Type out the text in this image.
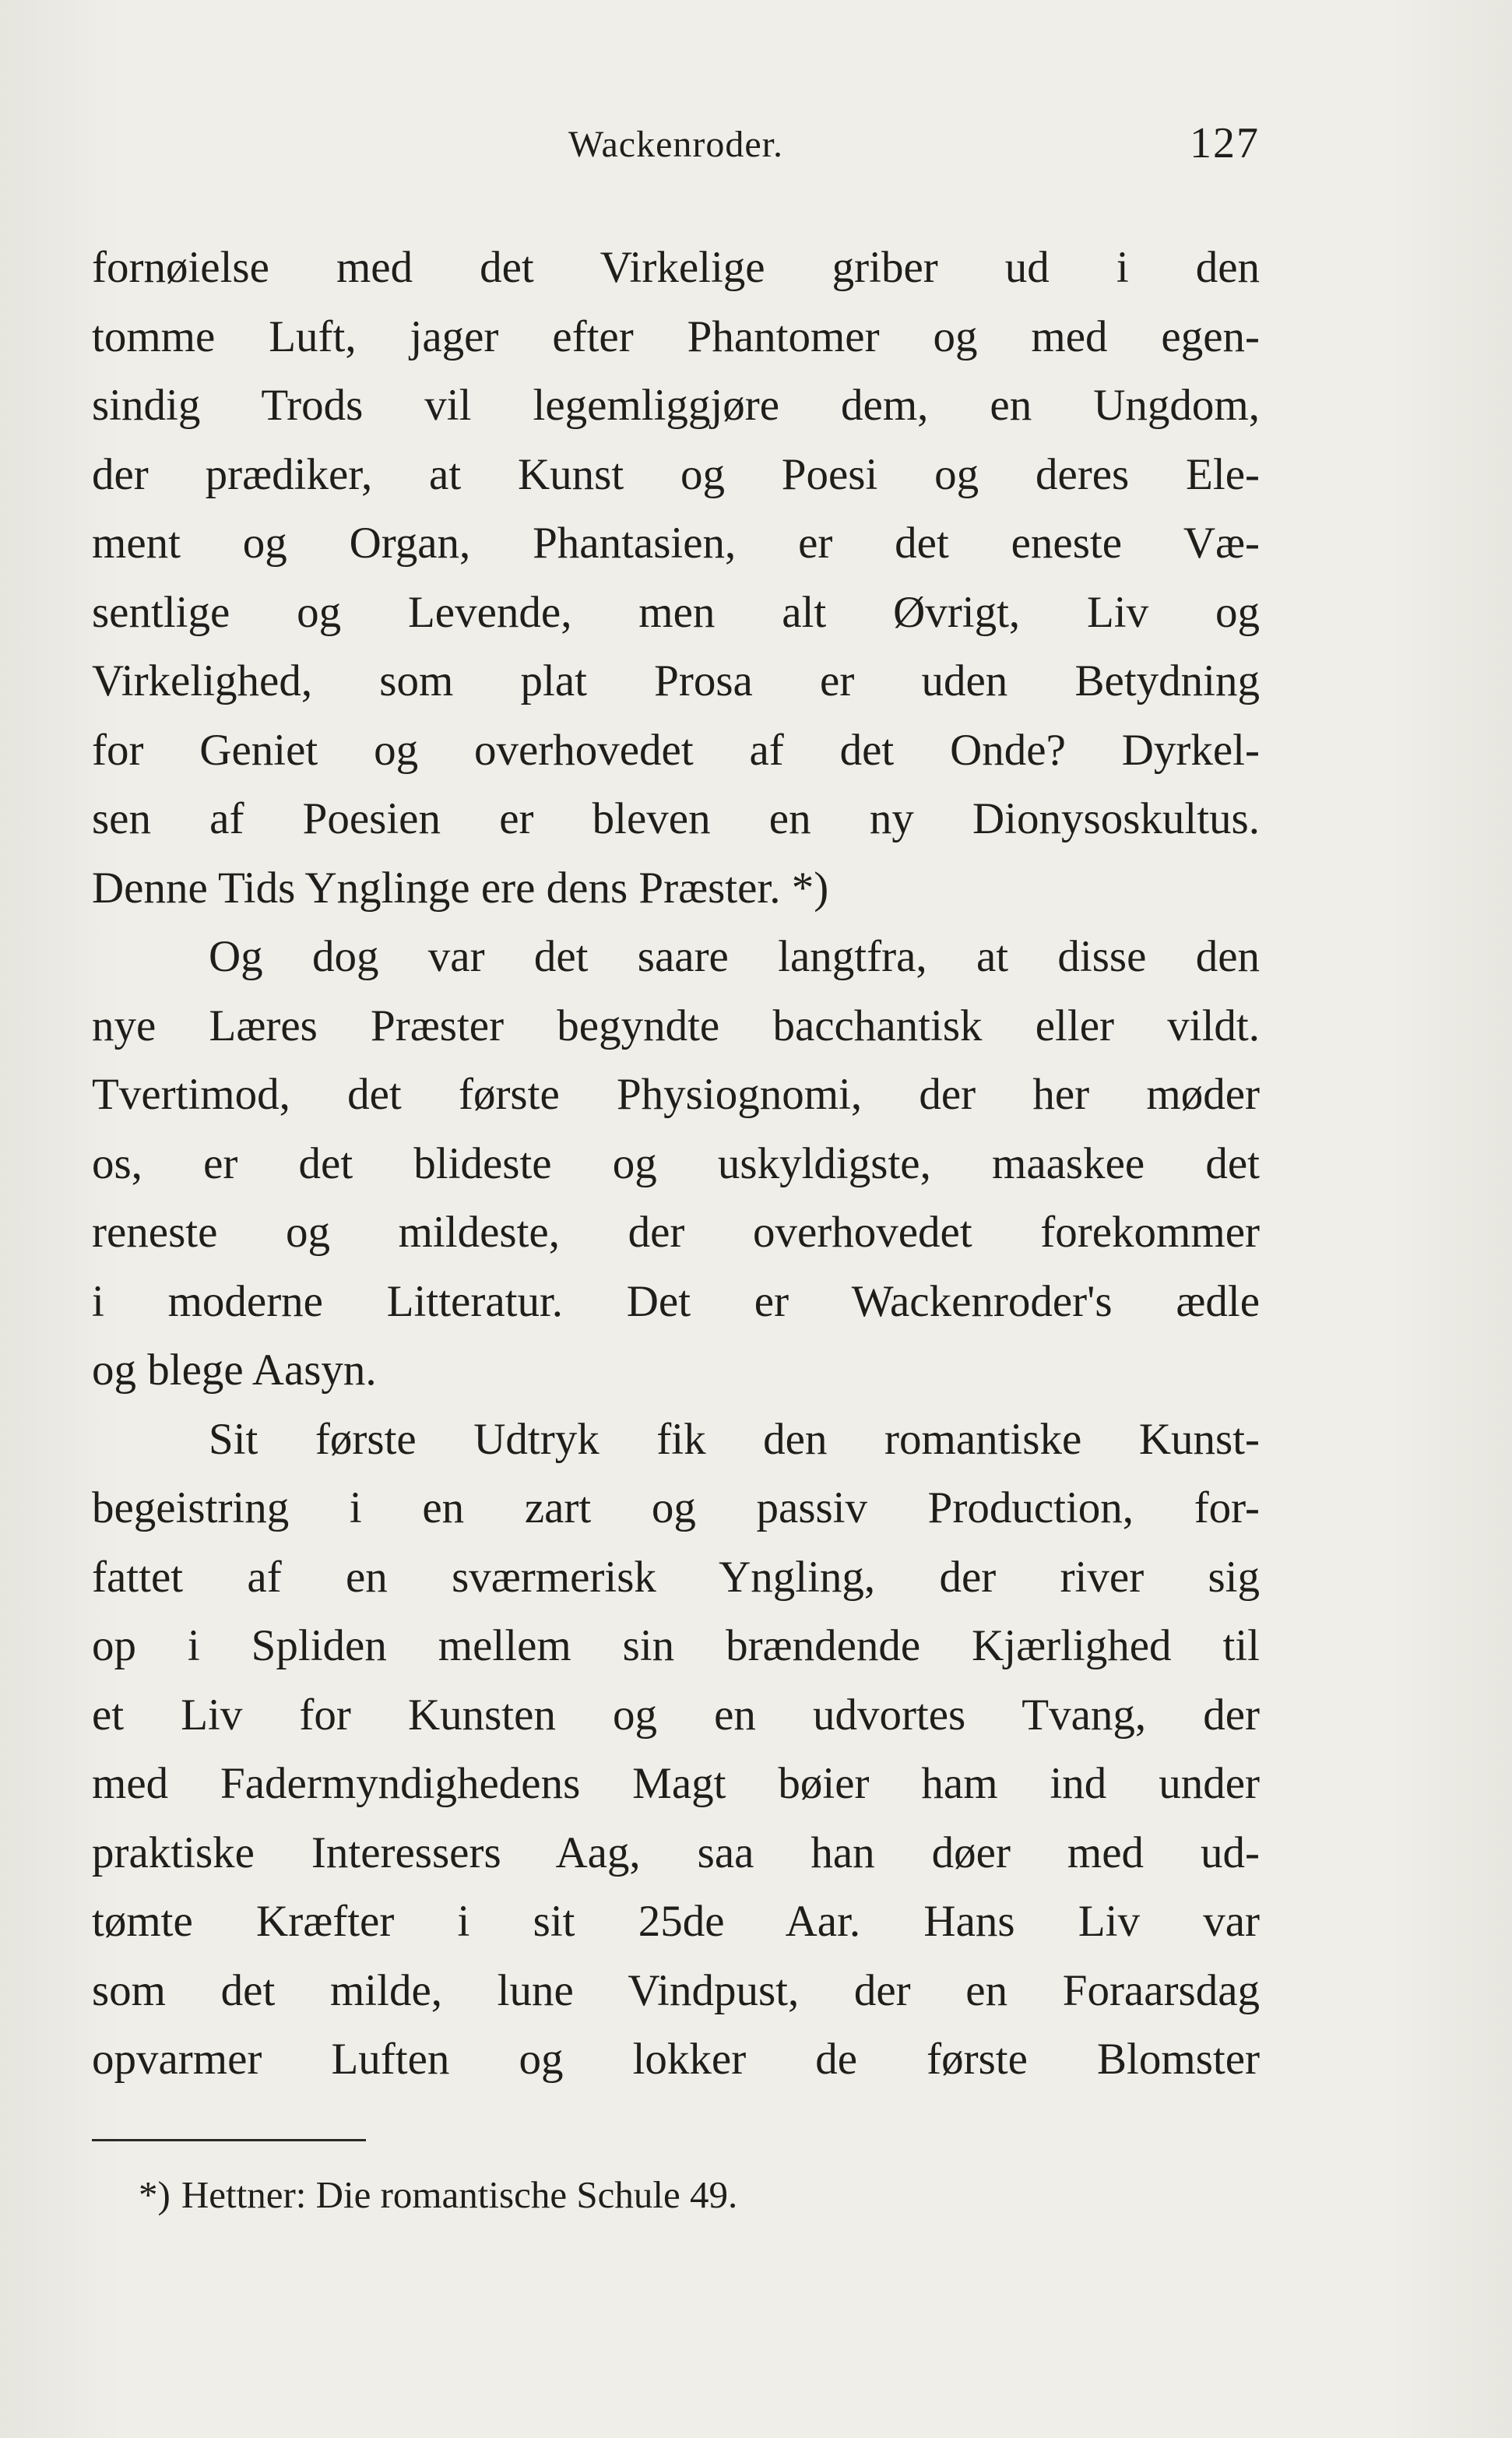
Wackenroder.	127
fornøielse med det Virkelige griber ud i den
tomme Luft, jager efter Phantomer og med egen-
sindig Trods vil legemliggjøre dem, en Ungdom,
der prædiker, at Kunst og Poesi og deres Ele-
ment og Organ, Phantasien, er det eneste Væ-
sentlige og Levende, men alt Øvrigt, Liv og
Virkelighed, som plat Prosa er uden Betydning
for Geniet og overhovedet af det Onde? Dyrkel-
sen af Poesien er bleven en ny Dionysoskultus.
Denne Tids Ynglinge ere dens Præster. *)
Og dog var det saare langtfra, at disse den
nye Læres Præster begyndte bacchantisk eller vildt.
Tvertimod, det første Physiognomi, der her møder
os, er det blideste og uskyldigste, maaskee det
reneste og mildeste, der overhovedet forekommer
i moderne Litteratur. Det er Wackenroder's ædle
og blege Aasyn.
Sit første Udtryk fik den romantiske Kunst-
begeistring i en zart og passiv Production, for-
fattet af en sværmerisk Yngling, der river sig
op i Spliden mellem sin brændende Kjærlighed til
et Liv for Kunsten og en udvortes Tvang, der
med Fadermyndighedens Magt bøier ham ind under
praktiske Interessers Aag, saa han døer med ud-
tømte Kræfter i sit 25de Aar. Hans Liv var
som det milde, lune Vindpust, der en Foraarsdag
opvarmer Luften og lokker de første Blomster
*) Hettner: Die romantische Schule 49.
